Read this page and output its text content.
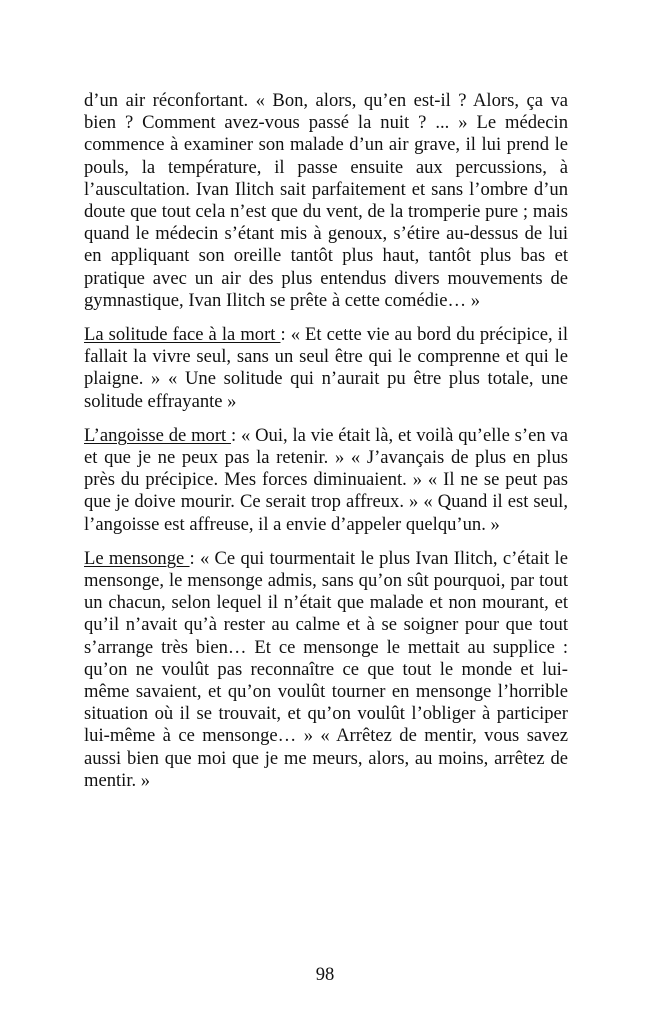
d’un air réconfortant. « Bon, alors, qu’en est-il ? Alors, ça va bien ? Comment avez-vous passé la nuit ? ... » Le médecin commence à examiner son malade d’un air grave, il lui prend le pouls, la température, il passe ensuite aux percussions, à l’auscultation. Ivan Ilitch sait parfaitement et sans l’ombre d’un doute que tout cela n’est que du vent, de la tromperie pure ; mais quand le médecin s’étant mis à genoux, s’étire au-dessus de lui en appliquant son oreille tantôt plus haut, tantôt plus bas et pratique avec un air des plus entendus divers mouvements de gymnastique, Ivan Ilitch se prête à cette comédie… »

La solitude face à la mort : « Et cette vie au bord du précipice, il fallait la vivre seul, sans un seul être qui le comprenne et qui le plaigne. » « Une solitude qui n’aurait pu être plus totale, une solitude effrayante »

L’angoisse de mort : « Oui, la vie était là, et voilà qu’elle s’en va et que je ne peux pas la retenir. » « J’avançais de plus en plus près du précipice. Mes forces diminuaient. » « Il ne se peut pas que je doive mourir. Ce serait trop affreux. » « Quand il est seul, l’angoisse est affreuse, il a envie d’appeler quelqu’un. »

Le mensonge : « Ce qui tourmentait le plus Ivan Ilitch, c’était le mensonge, le mensonge admis, sans qu’on sût pourquoi, par tout un chacun, selon lequel il n’était que malade et non mourant, et qu’il n’avait qu’à rester au calme et à se soigner pour que tout s’arrange très bien… Et ce mensonge le mettait au supplice : qu’on ne voulût pas reconnaître ce que tout le monde et lui-même savaient, et qu’on voulût tourner en mensonge l’horrible situation où il se trouvait, et qu’on voulût l’obliger à participer lui-même à ce mensonge… » « Arrêtez de mentir, vous savez aussi bien que moi que je me meurs, alors, au moins, arrêtez de mentir. »

98
